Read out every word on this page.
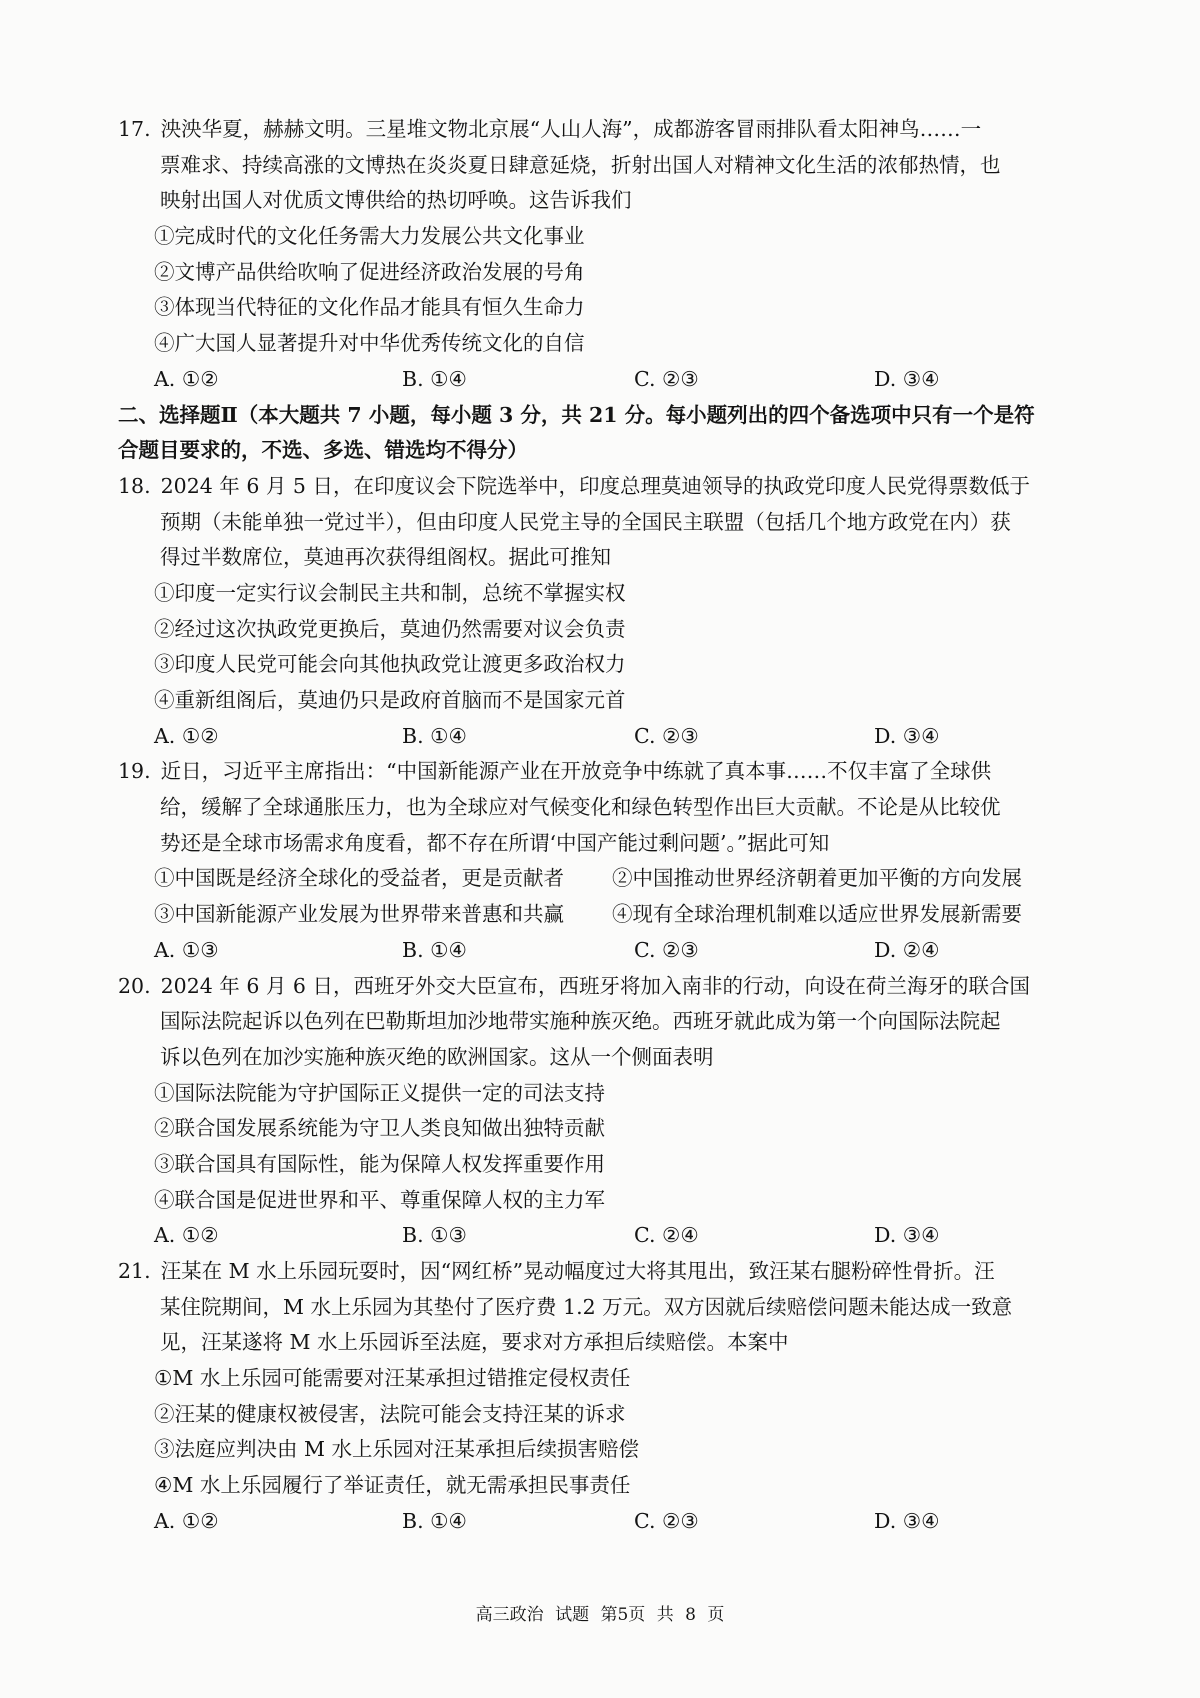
17. 泱泱华夏，赫赫文明。三星堆文物北京展“人山人海”，成都游客冒雨排队看太阳神鸟……一
票难求、持续高涨的文博热在炎炎夏日肆意延烧，折射出国人对精神文化生活的浓郁热情，也
映射出国人对优质文博供给的热切呼唤。这告诉我们
①完成时代的文化任务需大力发展公共文化事业
②文博产品供给吹响了促进经济政治发展的号角
③体现当代特征的文化作品才能具有恒久生命力
④广大国人显著提升对中华优秀传统文化的自信
A. ①②	B. ①④	C. ②③	D. ③④
二、选择题Ⅱ（本大题共 7 小题，每小题 3 分，共 21 分。每小题列出的四个备选项中只有一个是符
合题目要求的，不选、多选、错选均不得分）
18. 2024 年 6 月 5 日，在印度议会下院选举中，印度总理莫迪领导的执政党印度人民党得票数低于
预期（未能单独一党过半），但由印度人民党主导的全国民主联盟（包括几个地方政党在内）获
得过半数席位，莫迪再次获得组阁权。据此可推知
①印度一定实行议会制民主共和制，总统不掌握实权
②经过这次执政党更换后，莫迪仍然需要对议会负责
③印度人民党可能会向其他执政党让渡更多政治权力
④重新组阁后，莫迪仍只是政府首脑而不是国家元首
A. ①②	B. ①④	C. ②③	D. ③④
19. 近日，习近平主席指出：“中国新能源产业在开放竞争中练就了真本事……不仅丰富了全球供
给，缓解了全球通胀压力，也为全球应对气候变化和绿色转型作出巨大贡献。不论是从比较优
势还是全球市场需求角度看，都不存在所谓‘中国产能过剩问题’。”据此可知
①中国既是经济全球化的受益者，更是贡献者	②中国推动世界经济朝着更加平衡的方向发展
③中国新能源产业发展为世界带来普惠和共赢	④现有全球治理机制难以适应世界发展新需要
A. ①③	B. ①④	C. ②③	D. ②④
20. 2024 年 6 月 6 日，西班牙外交大臣宣布，西班牙将加入南非的行动，向设在荷兰海牙的联合国
国际法院起诉以色列在巴勒斯坦加沙地带实施种族灭绝。西班牙就此成为第一个向国际法院起
诉以色列在加沙实施种族灭绝的欧洲国家。这从一个侧面表明
①国际法院能为守护国际正义提供一定的司法支持
②联合国发展系统能为守卫人类良知做出独特贡献
③联合国具有国际性，能为保障人权发挥重要作用
④联合国是促进世界和平、尊重保障人权的主力军
A. ①②	B. ①③	C. ②④	D. ③④
21. 汪某在 M 水上乐园玩耍时，因“网红桥”晃动幅度过大将其甩出，致汪某右腿粉碎性骨折。汪
某住院期间，M 水上乐园为其垫付了医疗费 1.2 万元。双方因就后续赔偿问题未能达成一致意
见，汪某遂将 M 水上乐园诉至法庭，要求对方承担后续赔偿。本案中
①M 水上乐园可能需要对汪某承担过错推定侵权责任
②汪某的健康权被侵害，法院可能会支持汪某的诉求
③法庭应判决由 M 水上乐园对汪某承担后续损害赔偿
④M 水上乐园履行了举证责任，就无需承担民事责任
A. ①②	B. ①④	C. ②③	D. ③④
高三政治 试题 第5页 共 8 页
